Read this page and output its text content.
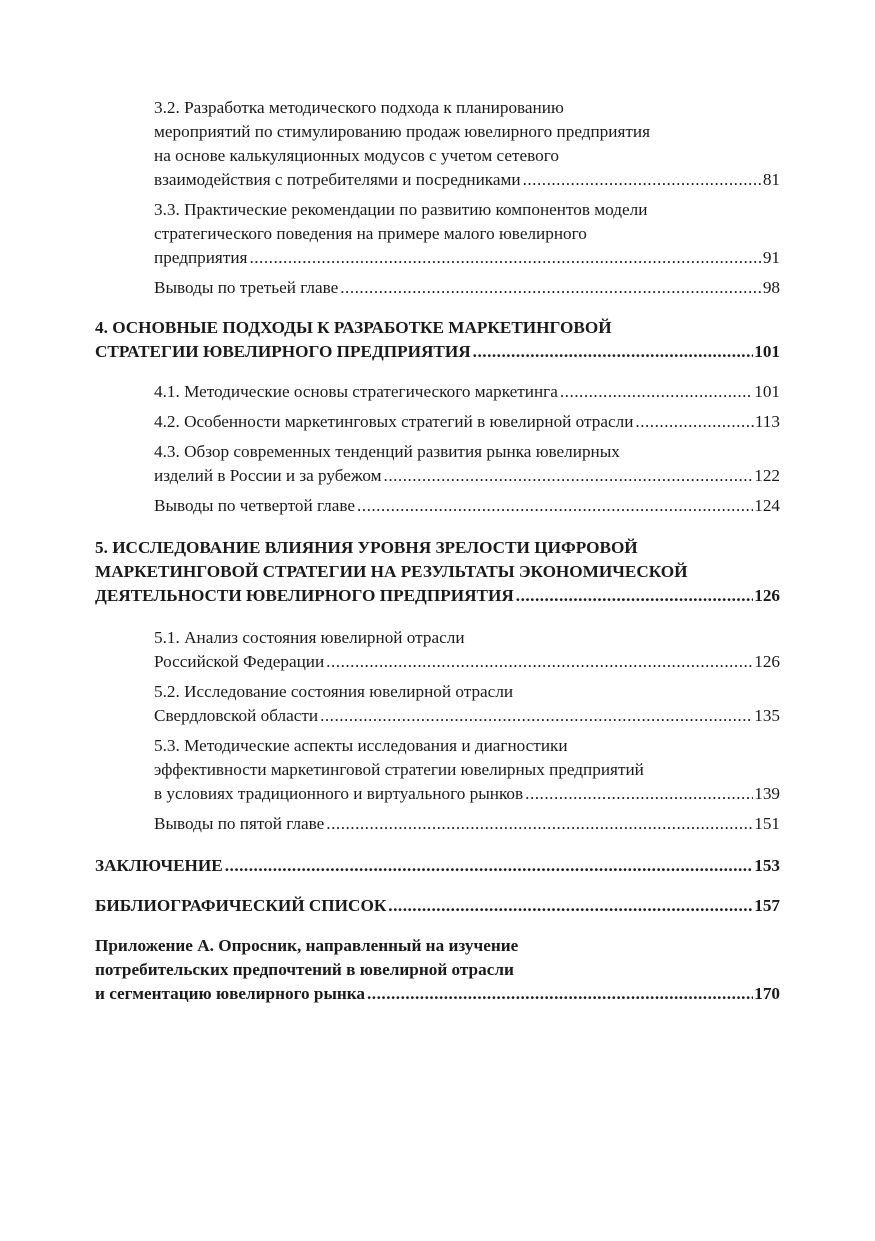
3.2. Разработка методического подхода к планированию
мероприятий по стимулированию продаж ювелирного предприятия
на основе калькуляционных модусов с учетом сетевого
взаимодействия с потребителями и посредниками .....	81
3.3. Практические рекомендации по развитию компонентов модели
стратегического поведения на примере малого ювелирного
предприятия .....	91
Выводы по третьей главе .....	98
4. ОСНОВНЫЕ ПОДХОДЫ К РАЗРАБОТКЕ МАРКЕТИНГОВОЙ
СТРАТЕГИИ ЮВЕЛИРНОГО ПРЕДПРИЯТИЯ .....	101
4.1. Методические основы стратегического маркетинга .....	101
4.2. Особенности маркетинговых стратегий в ювелирной отрасли .....	113
4.3. Обзор современных тенденций развития рынка ювелирных
изделий в России и за рубежом .....	122
Выводы по четвертой главе .....	124
5. ИССЛЕДОВАНИЕ ВЛИЯНИЯ УРОВНЯ ЗРЕЛОСТИ ЦИФРОВОЙ
МАРКЕТИНГОВОЙ СТРАТЕГИИ НА РЕЗУЛЬТАТЫ ЭКОНОМИЧЕСКОЙ
ДЕЯТЕЛЬНОСТИ ЮВЕЛИРНОГО ПРЕДПРИЯТИЯ .....	126
5.1. Анализ состояния ювелирной отрасли
Российской Федерации .....	126
5.2. Исследование состояния ювелирной отрасли
Свердловской области .....	135
5.3. Методические аспекты исследования и диагностики
эффективности маркетинговой стратегии ювелирных предприятий
в условиях традиционного и виртуального рынков .....	139
Выводы по пятой главе .....	151
ЗАКЛЮЧЕНИЕ .....	153
БИБЛИОГРАФИЧЕСКИЙ СПИСОК .....	157
Приложение А. Опросник, направленный на изучение
потребительских предпочтений в ювелирной отрасли
и сегментацию ювелирного рынка .....	170
